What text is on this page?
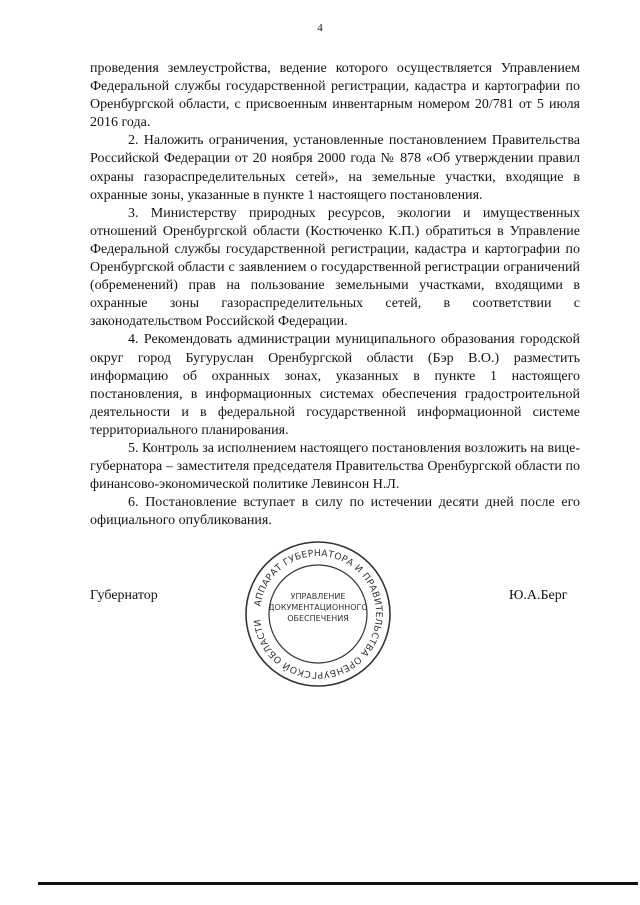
4

проведения землеустройства, ведение которого осуществляется Управлением Федеральной службы государственной регистрации, кадастра и картографии по Оренбургской области, с присвоенным инвентарным номером 20/781 от 5 июля 2016 года.

2. Наложить ограничения, установленные постановлением Правительства Российской Федерации от 20 ноября 2000 года № 878 «Об утверждении правил охраны газораспределительных сетей», на земельные участки, входящие в охранные зоны, указанные в пункте 1 настоящего постановления.

3. Министерству природных ресурсов, экологии и имущественных отношений Оренбургской области (Костюченко К.П.) обратиться в Управление Федеральной службы государственной регистрации, кадастра и картографии по Оренбургской области с заявлением о государственной регистрации ограничений (обременений) прав на пользование земельными участками, входящими в охранные зоны газораспределительных сетей, в соответствии с законодательством Российской Федерации.

4. Рекомендовать администрации муниципального образования городской округ город Бугуруслан Оренбургской области (Бэр В.О.) разместить информацию об охранных зонах, указанных в пункте 1 настоящего постановления, в информационных системах обеспечения градостроительной деятельности и в федеральной государственной информационной системе территориального планирования.

5. Контроль за исполнением настоящего постановления возложить на вице-губернатора – заместителя председателя Правительства Оренбургской области по финансово-экономической политике Левинсон Н.Л.

6. Постановление вступает в силу по истечении десяти дней после его официального опубликования.

Губернатор
АППАРАТ ГУБЕРНАТОРА И ПРАВИТЕЛЬСТВА ОРЕНБУРГСКОЙ ОБЛАСТИ
УПРАВЛЕНИЕ
ДОКУМЕНТАЦИОННОГО
ОБЕСПЕЧЕНИЯ
Ю.А.Берг
